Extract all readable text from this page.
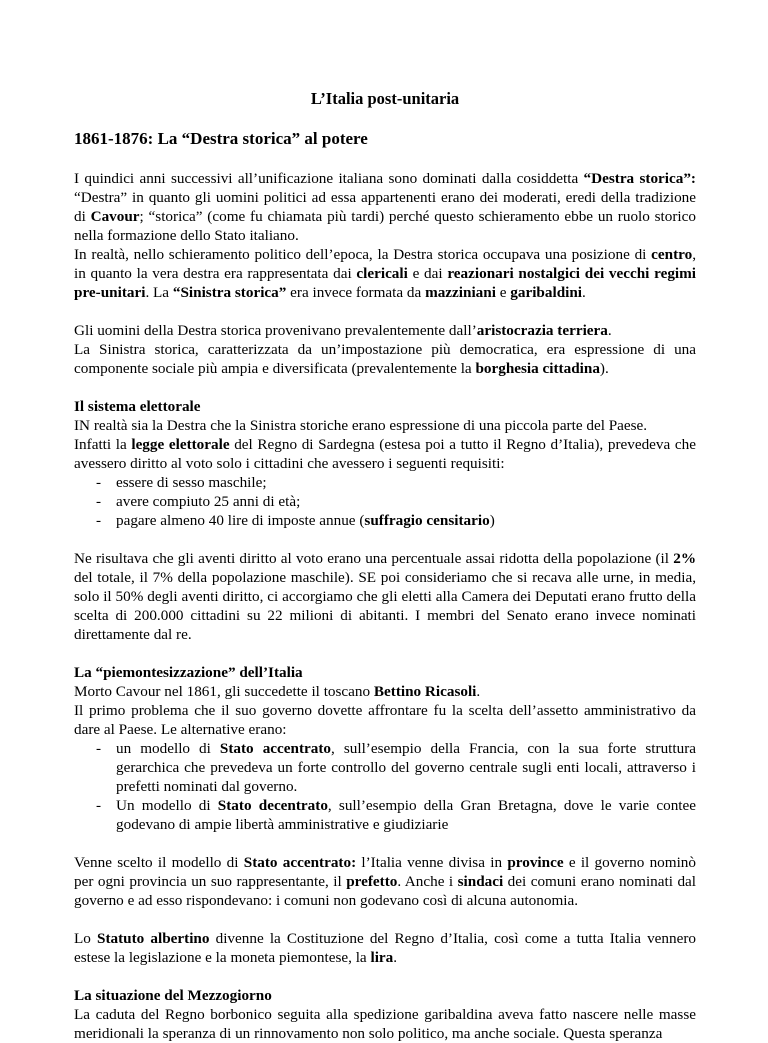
L’Italia post-unitaria
1861-1876: La “Destra storica” al potere

I quindici anni successivi all’unificazione italiana sono dominati dalla cosiddetta “Destra storica”: “Destra” in quanto gli uomini politici ad essa appartenenti erano dei moderati, eredi della tradizione di Cavour; “storica” (come fu chiamata più tardi) perché questo schieramento ebbe un ruolo storico nella formazione dello Stato italiano.

In realtà, nello schieramento politico dell’epoca, la Destra storica occupava una posizione di centro, in quanto la vera destra era rappresentata dai clericali e dai reazionari nostalgici dei vecchi regimi pre-unitari. La “Sinistra storica” era invece formata da mazziniani e garibaldini.

Gli uomini della Destra storica provenivano prevalentemente dall’aristocrazia terriera.

La Sinistra storica, caratterizzata da un’impostazione più democratica, era espressione di una componente sociale più ampia e diversificata (prevalentemente la borghesia cittadina).

Il sistema elettorale

IN realtà sia la Destra che la Sinistra storiche erano espressione di una piccola parte del Paese.

Infatti la legge elettorale del Regno di Sardegna (estesa poi a tutto il Regno d’Italia), prevedeva che avessero diritto al voto solo i cittadini che avessero i seguenti requisiti:

- essere di sesso maschile;
- avere compiuto 25 anni di età;
- pagare almeno 40 lire di imposte annue (suffragio censitario)

Ne risultava che gli aventi diritto al voto erano una percentuale assai ridotta della popolazione (il 2% del totale, il 7% della popolazione maschile). SE poi consideriamo che si recava alle urne, in media, solo il 50% degli aventi diritto, ci accorgiamo che gli eletti alla Camera dei Deputati erano frutto della scelta di 200.000 cittadini su 22 milioni di abitanti. I membri del Senato erano invece nominati direttamente dal re.

La “piemontesizzazione” dell’Italia

Morto Cavour nel 1861, gli succedette il toscano Bettino Ricasoli.

Il primo problema che il suo governo dovette affrontare fu la scelta dell’assetto amministrativo da dare al Paese. Le alternative erano:

- un modello di Stato accentrato, sull’esempio della Francia, con la sua forte struttura gerarchica che prevedeva un forte controllo del governo centrale sugli enti locali, attraverso i prefetti nominati dal governo.
- Un modello di Stato decentrato, sull’esempio della Gran Bretagna, dove le varie contee godevano di ampie libertà amministrative e giudiziarie

Venne scelto il modello di Stato accentrato: l’Italia venne divisa in province e il governo nominò per ogni provincia un suo rappresentante, il prefetto. Anche i sindaci dei comuni erano nominati dal governo e ad esso rispondevano: i comuni non godevano così di alcuna autonomia.

Lo Statuto albertino divenne la Costituzione del Regno d’Italia, così come a tutta Italia vennero estese la legislazione e la moneta piemontese, la lira.

La situazione del Mezzogiorno

La caduta del Regno borbonico seguita alla spedizione garibaldina aveva fatto nascere nelle masse meridionali la speranza di un rinnovamento non solo politico, ma anche sociale. Questa speranza
